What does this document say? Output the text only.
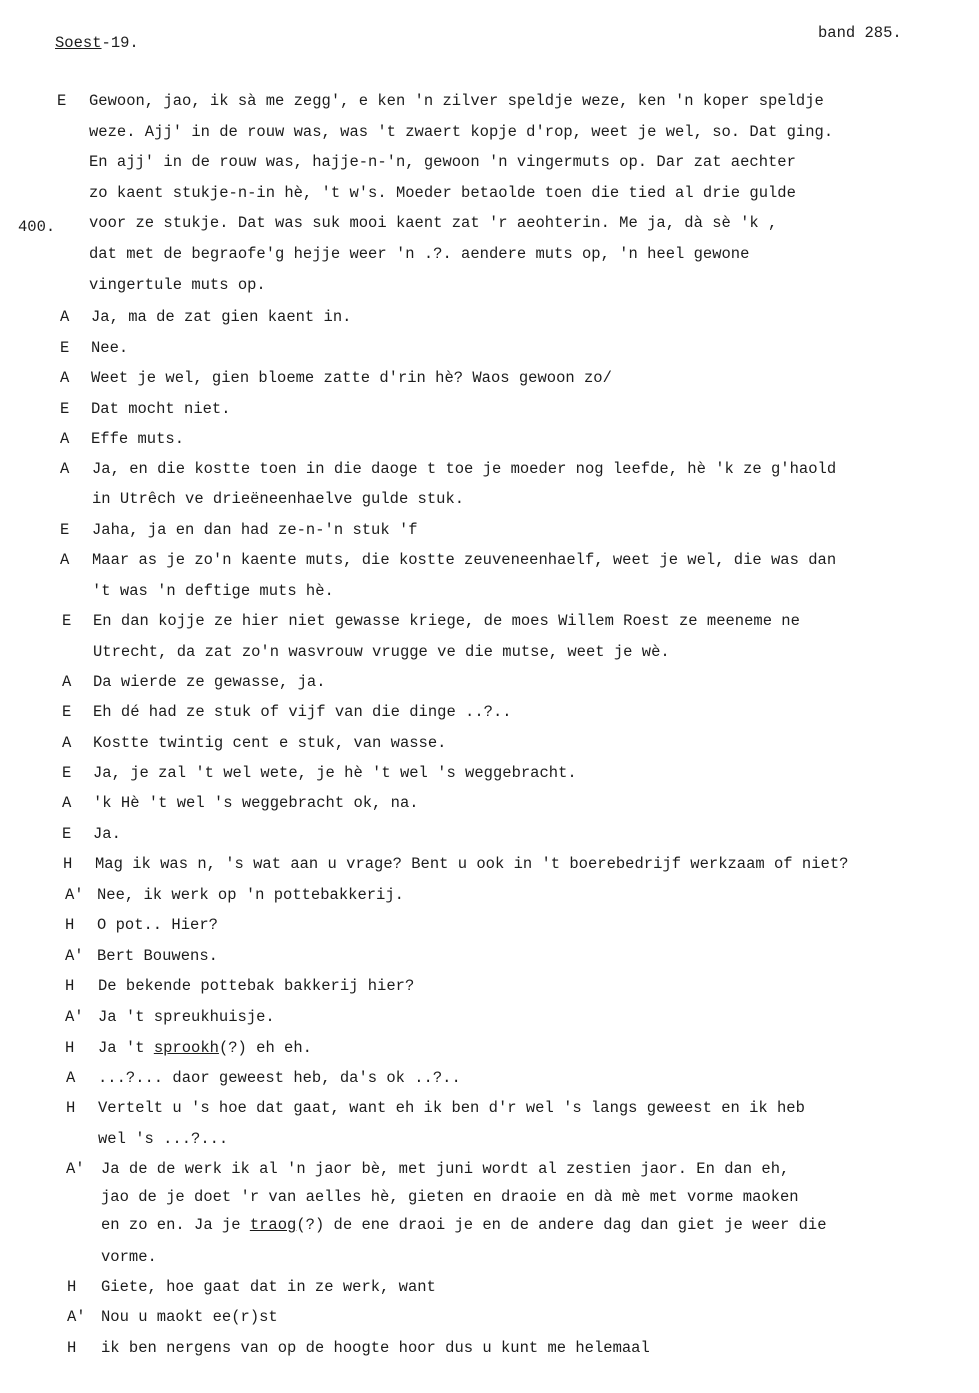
Soest-19.
band 285.
400.
E	Gewoon, jao, ik sà me zegg', e ken 'n zilver speldje weze, ken 'n koper speldje
weze. Ajj' in de rouw was, was 't zwaert kopje d'rop, weet je wel, so. Dat ging.
En ajj' in de rouw was, hajje-n-'n, gewoon 'n vingermuts op. Dar zat aechter
zo kaent stukje-n-in hè, 't w's. Moeder betaolde toen die tied al drie gulde
voor ze stukje. Dat was suk mooi kaent zat 'r aeohterin. Me ja, dà sè 'k ,
dat met de begraofe'g hejje weer 'n .?. aendere muts op, 'n heel gewone
vingertule muts op.
A	Ja, ma de zat gien kaent in.
E	Nee.
A	Weet je wel, gien bloeme zatte d'rin hè? Waos gewoon zo/
E	Dat mocht niet.
A	Effe muts.
A	Ja, en die kostte toen in die daoge t toe je moeder nog leefde, hè 'k ze g'haold
in Utrêch ve drieëneenhaelve gulde stuk.
E	Jaha, ja en dan had ze-n-'n stuk 'f
A	Maar as je zo'n kaente muts, die kostte zeuveneenhaelf, weet je wel, die was dan
't was 'n deftige muts hè.
E	En dan kojje ze hier niet gewasse kriege, de moes Willem Roest ze meeneme ne
Utrecht, da zat zo'n wasvrouw vrugge ve die mutse, weet je wè.
A	Da wierde ze gewasse, ja.
E	Eh dé had ze stuk of vijf van die dinge ..?..
A	Kostte twintig cent e stuk, van wasse.
E	Ja, je zal 't wel wete, je hè 't wel 's weggebracht.
A	'k Hè 't wel 's weggebracht ok, na.
E	Ja.
H	Mag ik was n, 's wat aan u vrage? Bent u ook in 't boerebedrijf werkzaam of niet?
A' Nee, ik werk op 'n pottebakkerij.
H	O pot.. Hier?
A' Bert Bouwens.
H	De bekende pottebak bakkerij hier?
A' Ja 't spreukhuisje.
H	Ja 't sprookh(?) eh eh.
A	...?... daor geweest heb, da's ok ..?..
H	Vertelt u 's hoe dat gaat, want eh ik ben d'r wel 's langs geweest en ik heb
wel 's ...?...
A'	Ja de de werk ik al 'n jaor bè, met juni wordt al zestien jaor. En dan eh,
jao de je doet 'r van aelles hè, gieten en draoie en dà mè met vorme maoken
en zo en. Ja je traog(?) de ene draoi je en de andere dag dan giet je weer die
vorme.
H	Giete, hoe gaat dat in ze werk, want
A' Nou u maokt ee(r)st
H	ik ben nergens van op de hoogte hoor dus u kunt me helemaal
